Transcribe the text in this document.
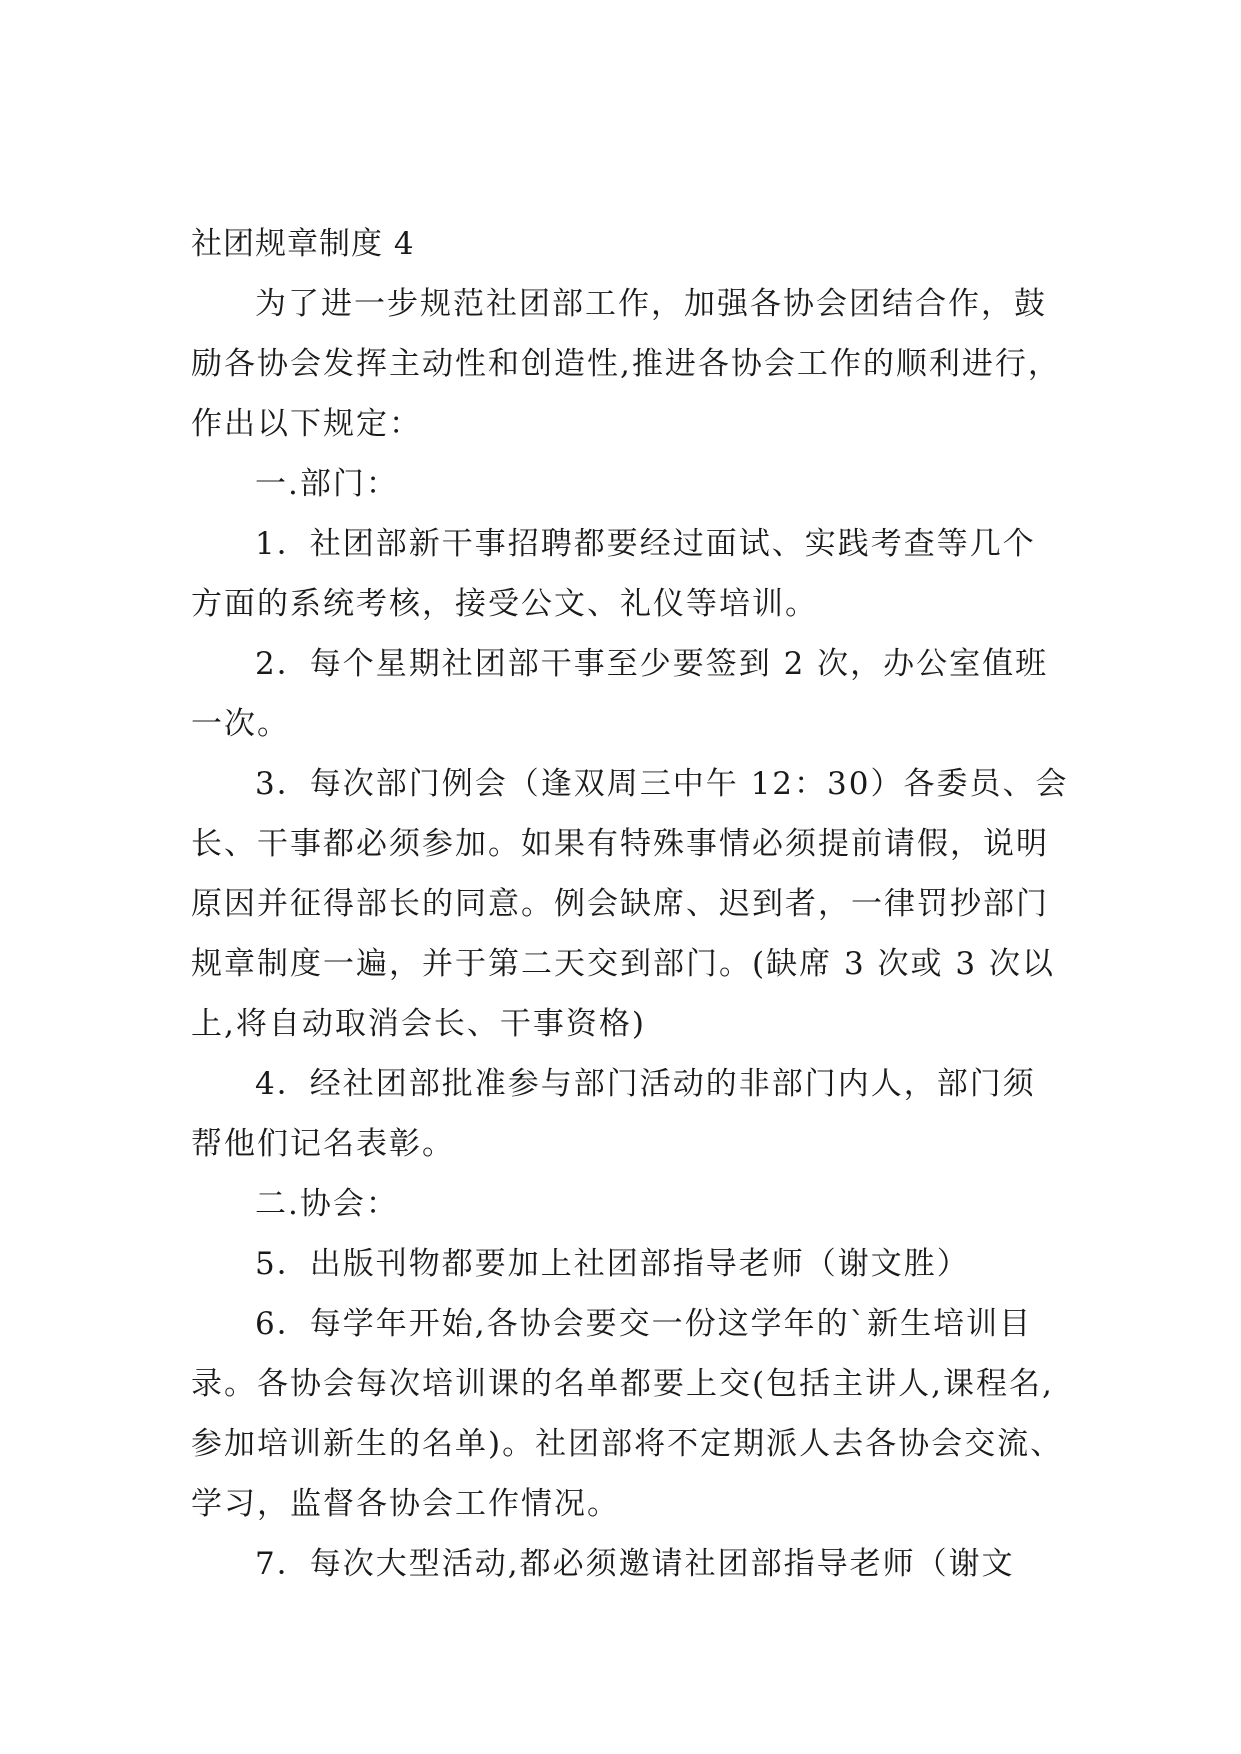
社团规章制度 4
为了进一步规范社团部工作，加强各协会团结合作，鼓
励各协会发挥主动性和创造性,推进各协会工作的顺利进行，
作出以下规定：
一.部门：
1．社团部新干事招聘都要经过面试、实践考查等几个
方面的系统考核，接受公文、礼仪等培训。
2．每个星期社团部干事至少要签到 2 次，办公室值班
一次。
3．每次部门例会（逢双周三中午 12：30）各委员、会
长、干事都必须参加。如果有特殊事情必须提前请假，说明
原因并征得部长的同意。例会缺席、迟到者，一律罚抄部门
规章制度一遍，并于第二天交到部门。(缺席 3 次或 3 次以
上,将自动取消会长、干事资格)
4．经社团部批准参与部门活动的非部门内人，部门须
帮他们记名表彰。
二.协会：
5．出版刊物都要加上社团部指导老师（谢文胜）
6．每学年开始,各协会要交一份这学年的`新生培训目
录。各协会每次培训课的名单都要上交(包括主讲人,课程名,
参加培训新生的名单)。社团部将不定期派人去各协会交流、
学习，监督各协会工作情况。
7．每次大型活动,都必须邀请社团部指导老师（谢文
